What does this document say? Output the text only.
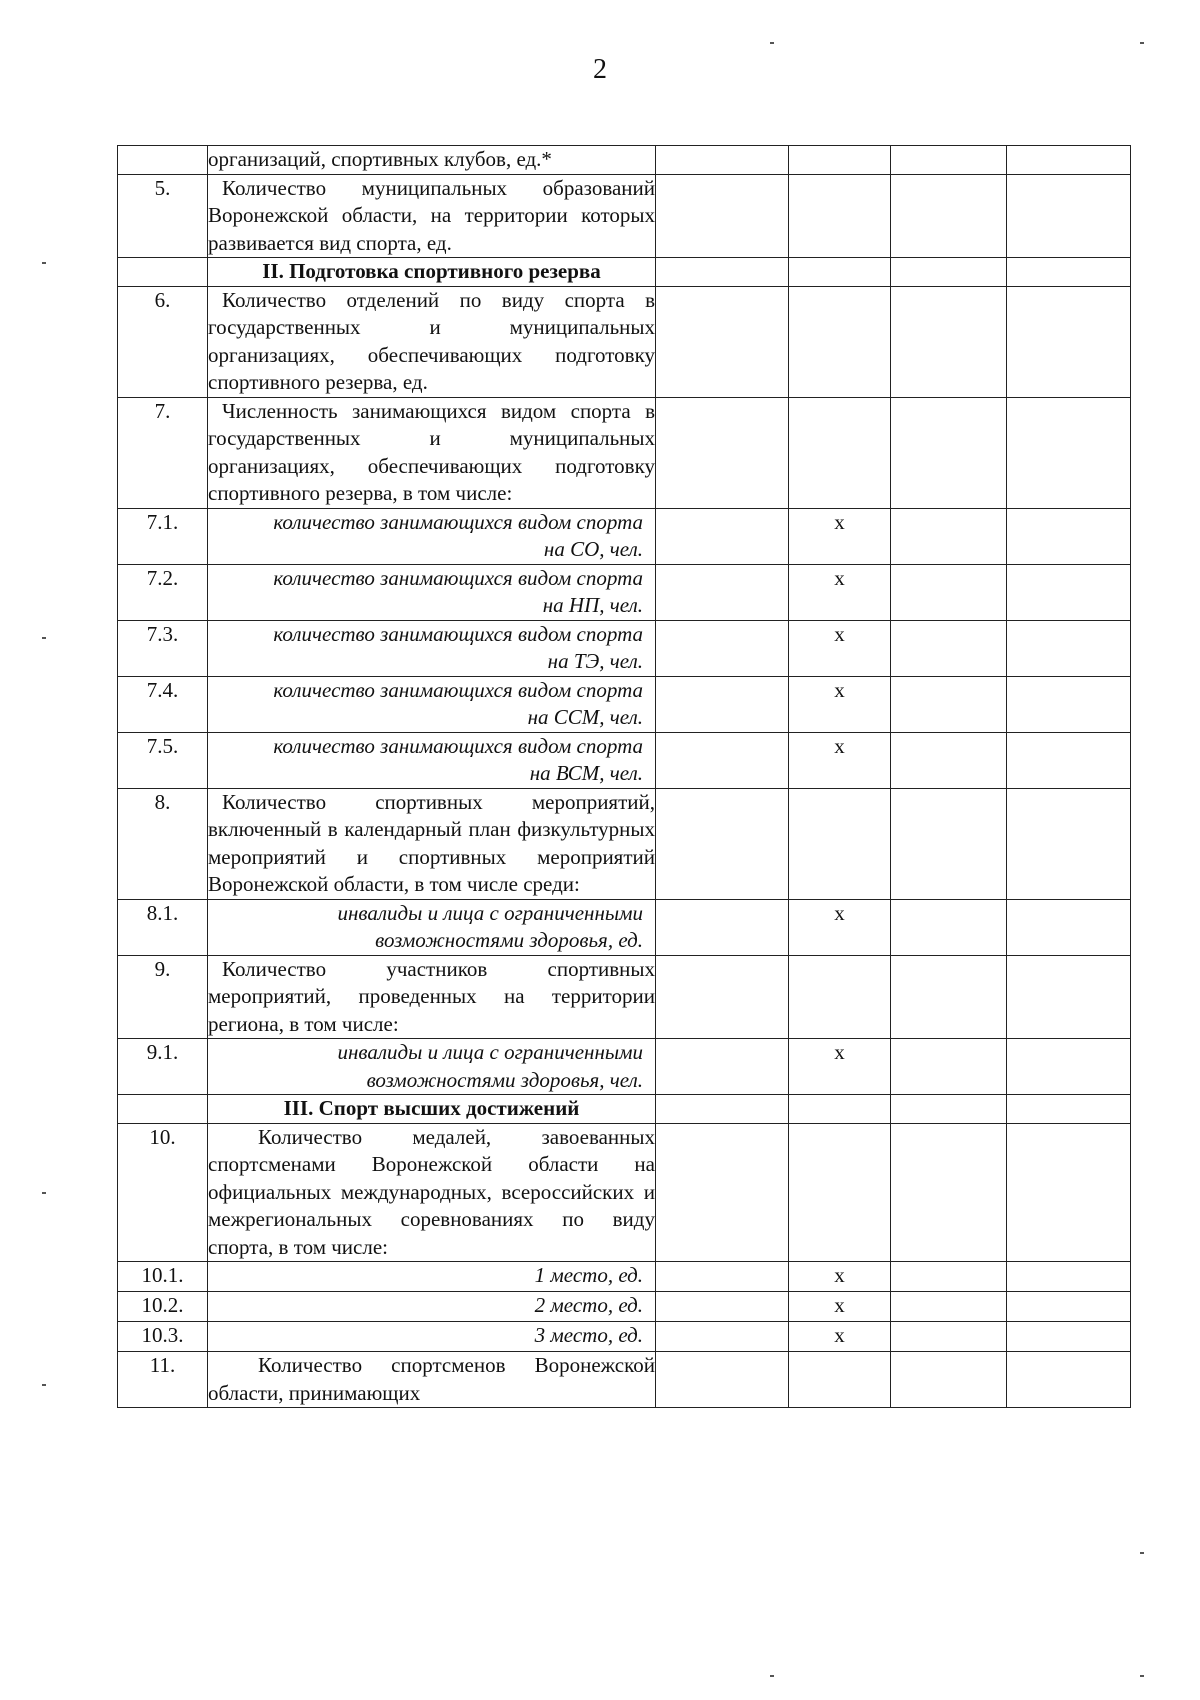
2
	организаций, спортивных клубов, ед.*				
5.	Количество муниципальных образований Воронежской области, на территории которых развивается вид спорта, ед.				
	II. Подготовка спортивного резерва				
6.	Количество отделений по виду спорта в государственных и муниципальных организациях, обеспечивающих подготовку спортивного резерва, ед.				
7.	Численность занимающихся видом спорта в государственных и муниципальных организациях, обеспечивающих подготовку спортивного резерва, в том числе:				
7.1.	количество занимающихся видом спорта на СО, чел.		x		
7.2.	количество занимающихся видом спорта на НП, чел.		x		
7.3.	количество занимающихся видом спорта на ТЭ, чел.		x		
7.4.	количество занимающихся видом спорта на ССМ, чел.		x		
7.5.	количество занимающихся видом спорта на ВСМ, чел.		x		
8.	Количество спортивных мероприятий, включенный в календарный план физкультурных мероприятий и спортивных мероприятий Воронежской области, в том числе среди:				
8.1.	инвалиды и лица с ограниченными возможностями здоровья, ед.		x		
9.	Количество участников спортивных мероприятий, проведенных на территории региона, в том числе:				
9.1.	инвалиды и лица с ограниченными возможностями здоровья, чел.		x		
	III. Спорт высших достижений				
10.	Количество медалей, завоеванных спортсменами Воронежской области на официальных международных, всероссийских и межрегиональных соревнованиях по виду спорта, в том числе:				
10.1.	1 место, ед.		x		
10.2.	2 место, ед.		x		
10.3.	3 место, ед.		x		
11.	Количество спортсменов Воронежской области, принимающих				
